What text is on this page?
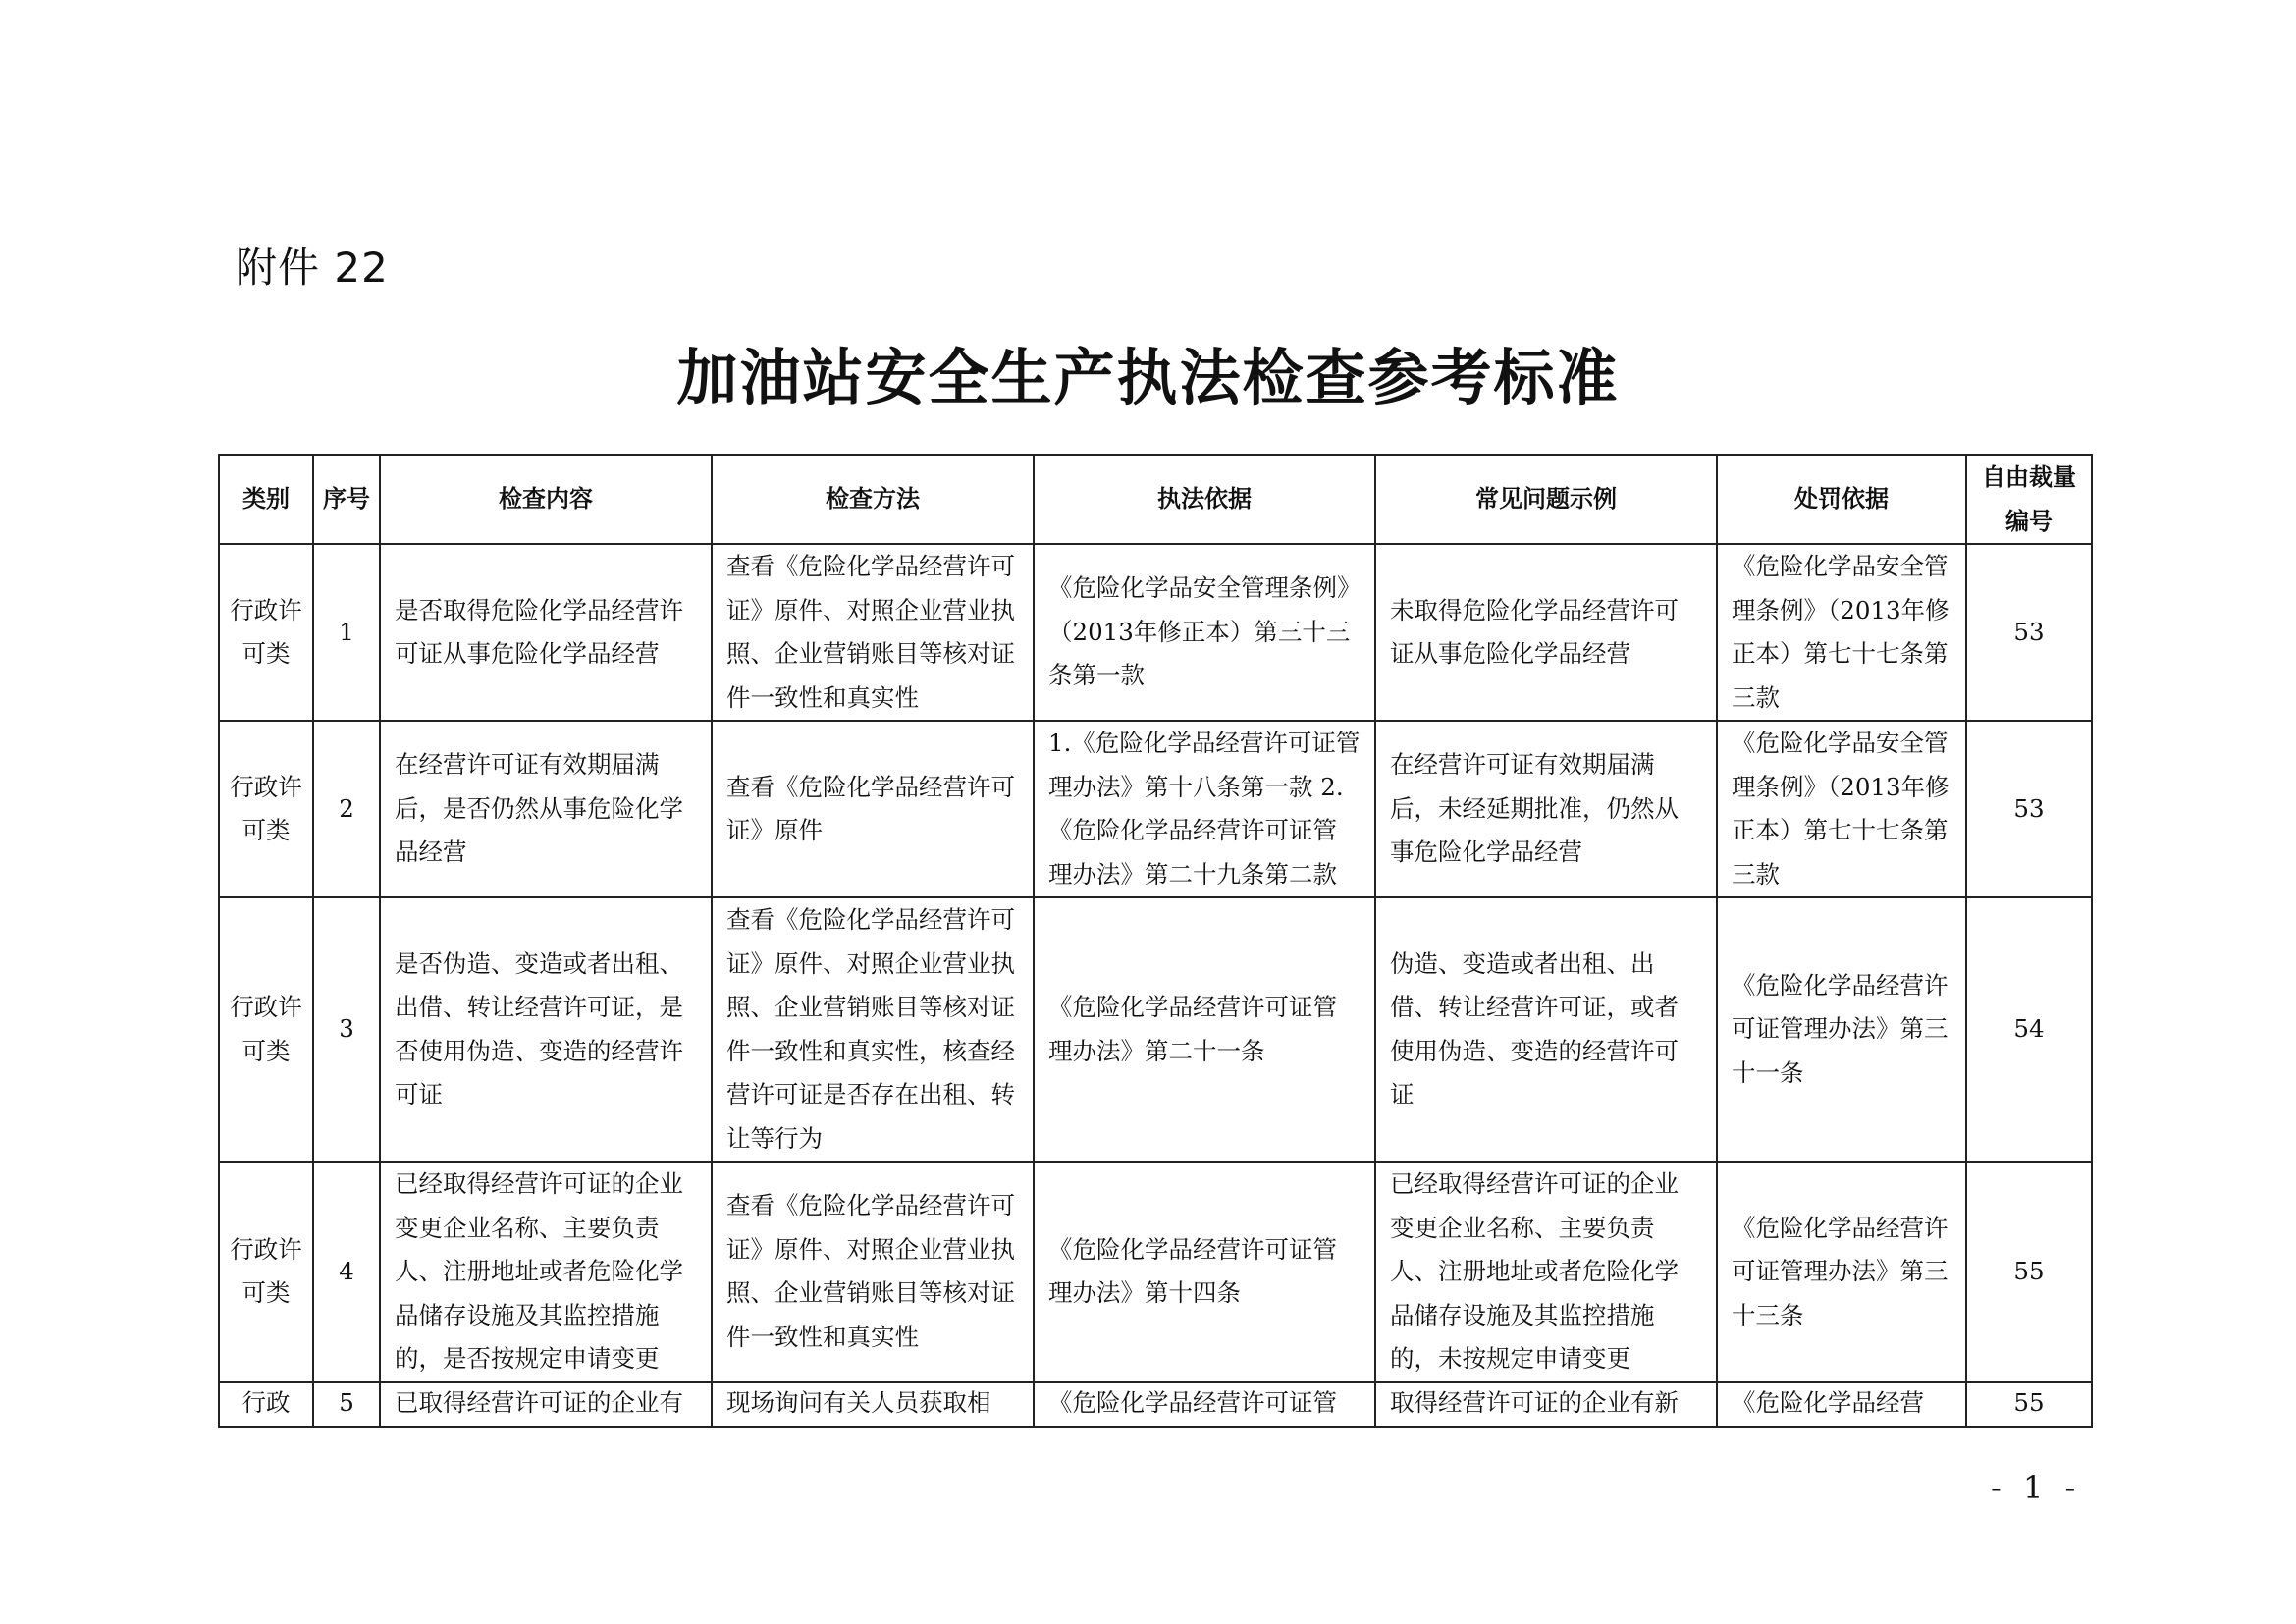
附件 22
加油站安全生产执法检查参考标准
类别	序号	检查内容	检查方法	执法依据	常见问题示例	处罚依据	自由裁量编号
行政许可类	1	是否取得危险化学品经营许可证从事危险化学品经营	查看《危险化学品经营许可证》原件、对照企业营业执照、企业营销账目等核对证件一致性和真实性	《危险化学品安全管理条例》（2013年修正本）第三十三条第一款	未取得危险化学品经营许可证从事危险化学品经营	《危险化学品安全管理条例》（2013年修正本）第七十七条第三款	53
行政许可类	2	在经营许可证有效期届满后，是否仍然从事危险化学品经营	查看《危险化学品经营许可证》原件	1.《危险化学品经营许可证管理办法》第十八条第一款 2.《危险化学品经营许可证管理办法》第二十九条第二款	在经营许可证有效期届满后，未经延期批准，仍然从事危险化学品经营	《危险化学品安全管理条例》（2013年修正本）第七十七条第三款	53
行政许可类	3	是否伪造、变造或者出租、出借、转让经营许可证，是否使用伪造、变造的经营许可证	查看《危险化学品经营许可证》原件、对照企业营业执照、企业营销账目等核对证件一致性和真实性，核查经营许可证是否存在出租、转让等行为	《危险化学品经营许可证管理办法》第二十一条	伪造、变造或者出租、出借、转让经营许可证，或者使用伪造、变造的经营许可证	《危险化学品经营许可证管理办法》第三十一条	54
行政许可类	4	已经取得经营许可证的企业变更企业名称、主要负责人、注册地址或者危险化学品储存设施及其监控措施的，是否按规定申请变更	查看《危险化学品经营许可证》原件、对照企业营业执照、企业营销账目等核对证件一致性和真实性	《危险化学品经营许可证管理办法》第十四条	已经取得经营许可证的企业变更企业名称、主要负责人、注册地址或者危险化学品储存设施及其监控措施的，未按规定申请变更	《危险化学品经营许可证管理办法》第三十三条	55
行政	5	已取得经营许可证的企业有	现场询问有关人员获取相	《危险化学品经营许可证管	取得经营许可证的企业有新	《危险化学品经营	55
- 1 -
